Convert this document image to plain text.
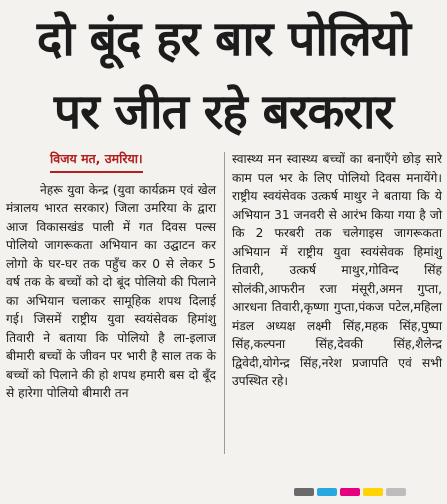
दो बूंद हर बार पोलियो
पर जीत रहे बरकरार
विजय मत, उमरिया।
नेहरू युवा केन्द्र (युवा कार्यक्रम एवं खेल मंत्रालय भारत सरकार) जिला उमरिया के द्वारा आज विकासखंड पाली में गत दिवस पल्स पोलियो जागरूकता अभियान का उद्घाटन कर लोगो के घर-घर तक पहुँच कर 0 से लेकर 5 वर्ष तक के बच्चों को दो बूंद पोलियो की पिलाने का अभियान चलाकर सामूहिक शपथ दिलाई गई। जिसमें राष्ट्रीय युवा स्वयंसेवक हिमांशु तिवारी ने बताया कि पोलियो है ला-इलाज बीमारी बच्चों के जीवन पर भारी है साल तक के बच्चों को पिलाने की हो शपथ हमारी बस दो बूँद से हारेगा पोलियो बीमारी तन
स्वास्थ्य मन स्वास्थ्य बच्चों का बनाएँगे छोड़ सारे काम पल भर के लिए पोलियो दिवस मनायेंगे। राष्ट्रीय स्वयंसेवक उत्कर्ष माथुर ने बताया कि ये अभियान 31 जनवरी से आरंभ किया गया है जो कि 2 फरबरी तक चलेगाइस जागरूकता अभियान में राष्ट्रीय युवा स्वयंसेवक हिमांशु तिवारी, उत्कर्ष माथुर,गोविन्द सिंह सोलंकी,आफरीन रजा मंसूरी,अमन गुप्ता, आरधना तिवारी,कृष्णा गुप्ता,पंकज पटेल,महिला मंडल अध्यक्ष लक्ष्मी सिंह,महक सिंह,पुष्पा सिंह,कल्पना सिंह,देवकी सिंह,शैलेन्द्र द्विवेदी,योगेन्द्र सिंह,नरेश प्रजापति एवं सभी उपस्थित रहे।
